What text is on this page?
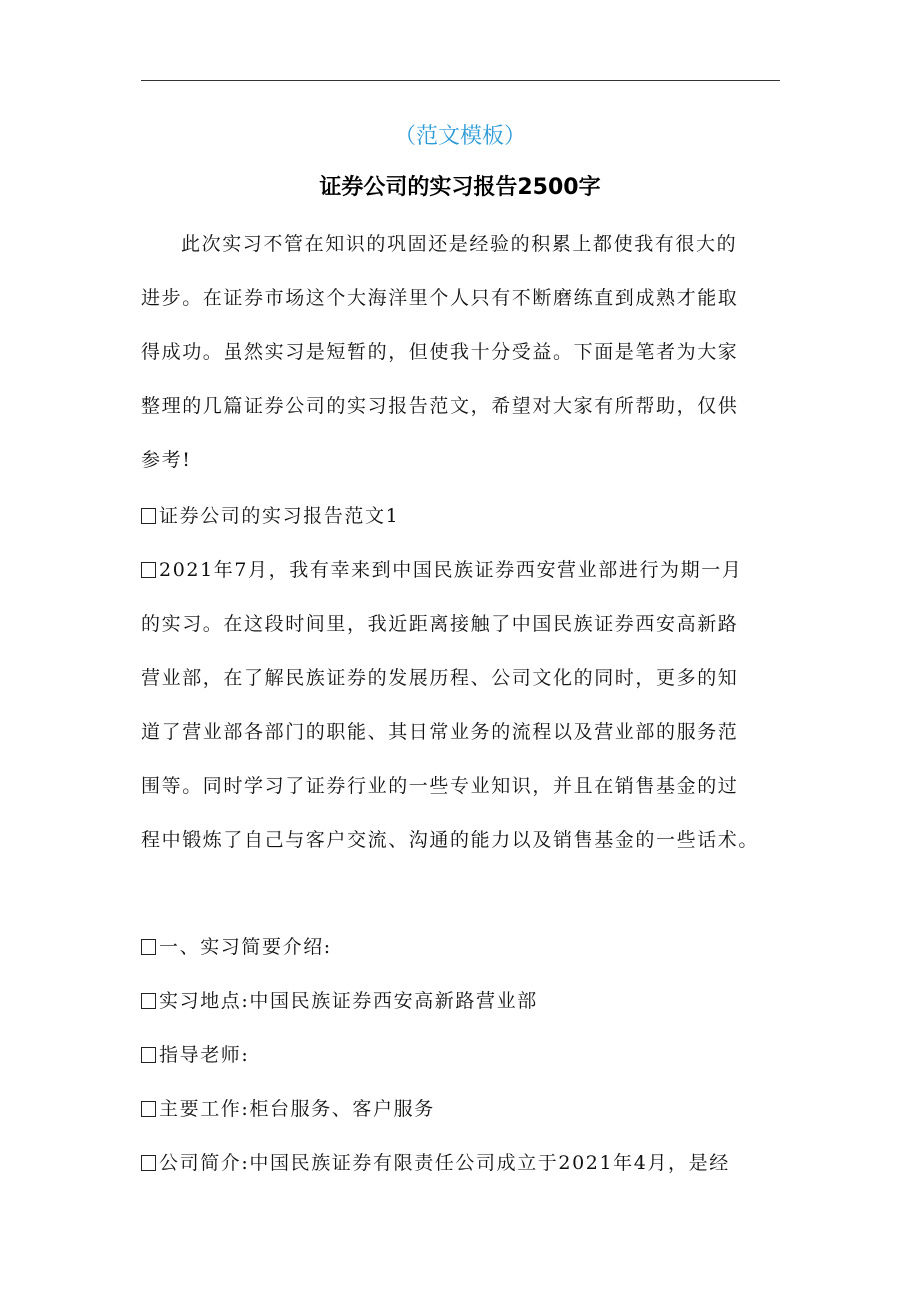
（范文模板）
证券公司的实习报告2500字
此次实习不管在知识的巩固还是经验的积累上都使我有很大的
进步。在证券市场这个大海洋里个人只有不断磨练直到成熟才能取
得成功。虽然实习是短暂的，但使我十分受益。下面是笔者为大家
整理的几篇证券公司的实习报告范文，希望对大家有所帮助，仅供
参考!
证券公司的实习报告范文1
2021年7月，我有幸来到中国民族证券西安营业部进行为期一月
的实习。在这段时间里，我近距离接触了中国民族证券西安高新路
营业部，在了解民族证券的发展历程、公司文化的同时，更多的知
道了营业部各部门的职能、其日常业务的流程以及营业部的服务范
围等。同时学习了证券行业的一些专业知识，并且在销售基金的过
程中锻炼了自己与客户交流、沟通的能力以及销售基金的一些话术。
一、实习简要介绍:
实习地点:中国民族证券西安高新路营业部
指导老师:
主要工作:柜台服务、客户服务
公司简介:中国民族证券有限责任公司成立于2021年4月，是经
